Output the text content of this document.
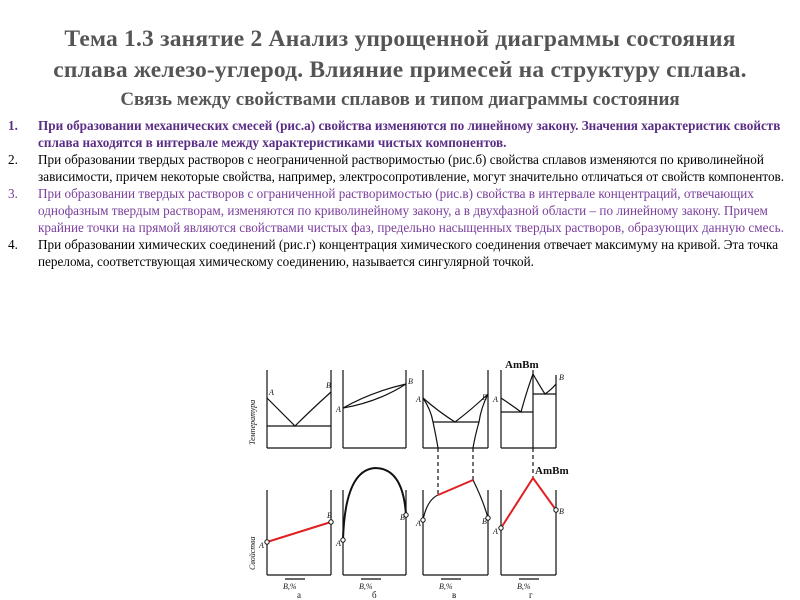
Тема 1.3 занятие 2 Анализ упрощенной диаграммы состояния
сплава железо-углерод. Влияние примесей на структуру сплава.
Связь между свойствами сплавов и типом диаграммы состояния
1. При образовании механических смесей (рис.а) свойства изменяются по линейному закону. Значения характеристик свойств сплава находятся в интервале между характеристиками чистых компонентов.
2. При образовании твердых растворов с неограниченной растворимостью (рис.б) свойства сплавов изменяются по криволинейной зависимости, причем некоторые свойства, например, электросопротивление, могут значительно отличаться от свойств компонентов.
3. При образовании твердых растворов с ограниченной растворимостью (рис.в) свойства в интервале концентраций, отвечающих однофазным твердым растворам, изменяются по криволинейному закону, а в двухфазной области – по линейному закону. Причем крайние точки на прямой являются свойствами чистых фаз, предельно насыщенных твердых растворов, образующих данную смесь.
4. При образовании химических соединений (рис.г) концентрация химического соединения отвечает максимуму на кривой. Эта точка перелома, соответствующая химическому соединению, называется сингулярной точкой.
Температура
Свойства
A
B
A
B
A	B A
B
A
B
A
B
A	B
A
B
AmBm
AmBm
В,%	В,%	В,%	В,%
а	б	в	г
